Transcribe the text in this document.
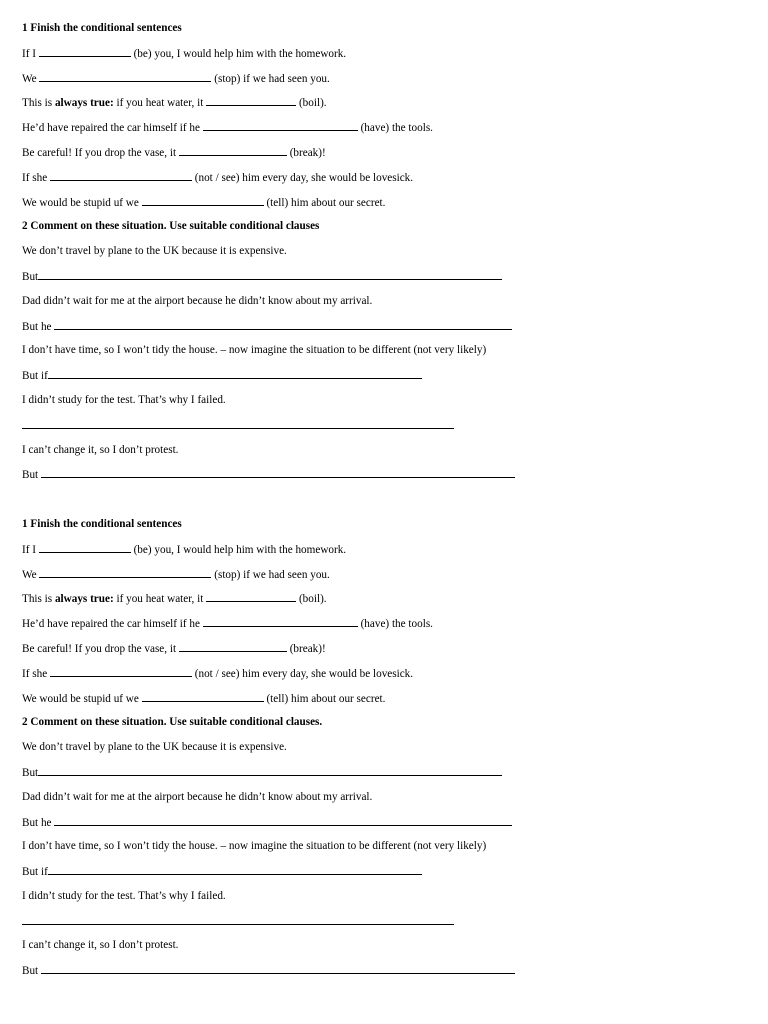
1 Finish the conditional sentences
If I	(be) you, I would help him with the homework.
We	(stop) if we had seen you.
This is always true: if you heat water, it	(boil).
He’d have repaired the car himself if he	(have) the tools.
Be careful! If you drop the vase, it	(break)!
If she	(not / see) him every day, she would be lovesick.
We would be stupid uf we	(tell) him about our secret.
2 Comment on these situation. Use suitable conditional clauses
We don’t travel by plane to the UK because it is expensive.
But
Dad didn’t wait for me at the airport because he didn’t know about my arrival.
But he
I don’t have time, so I won’t tidy the house. – now imagine the situation to be different (not very likely)
But if
I didn’t study for the test. That’s why I failed.
I can’t change it, so I don’t protest.
But
1 Finish the conditional sentences
If I	(be) you, I would help him with the homework.
We	(stop) if we had seen you.
This is always true: if you heat water, it	(boil).
He’d have repaired the car himself if he	(have) the tools.
Be careful! If you drop the vase, it	(break)!
If she	(not / see) him every day, she would be lovesick.
We would be stupid uf we	(tell) him about our secret.
2 Comment on these situation. Use suitable conditional clauses.
We don’t travel by plane to the UK because it is expensive.
But
Dad didn’t wait for me at the airport because he didn’t know about my arrival.
But he
I don’t have time, so I won’t tidy the house. – now imagine the situation to be different (not very likely)
But if
I didn’t study for the test. That’s why I failed.
I can’t change it, so I don’t protest.
But
